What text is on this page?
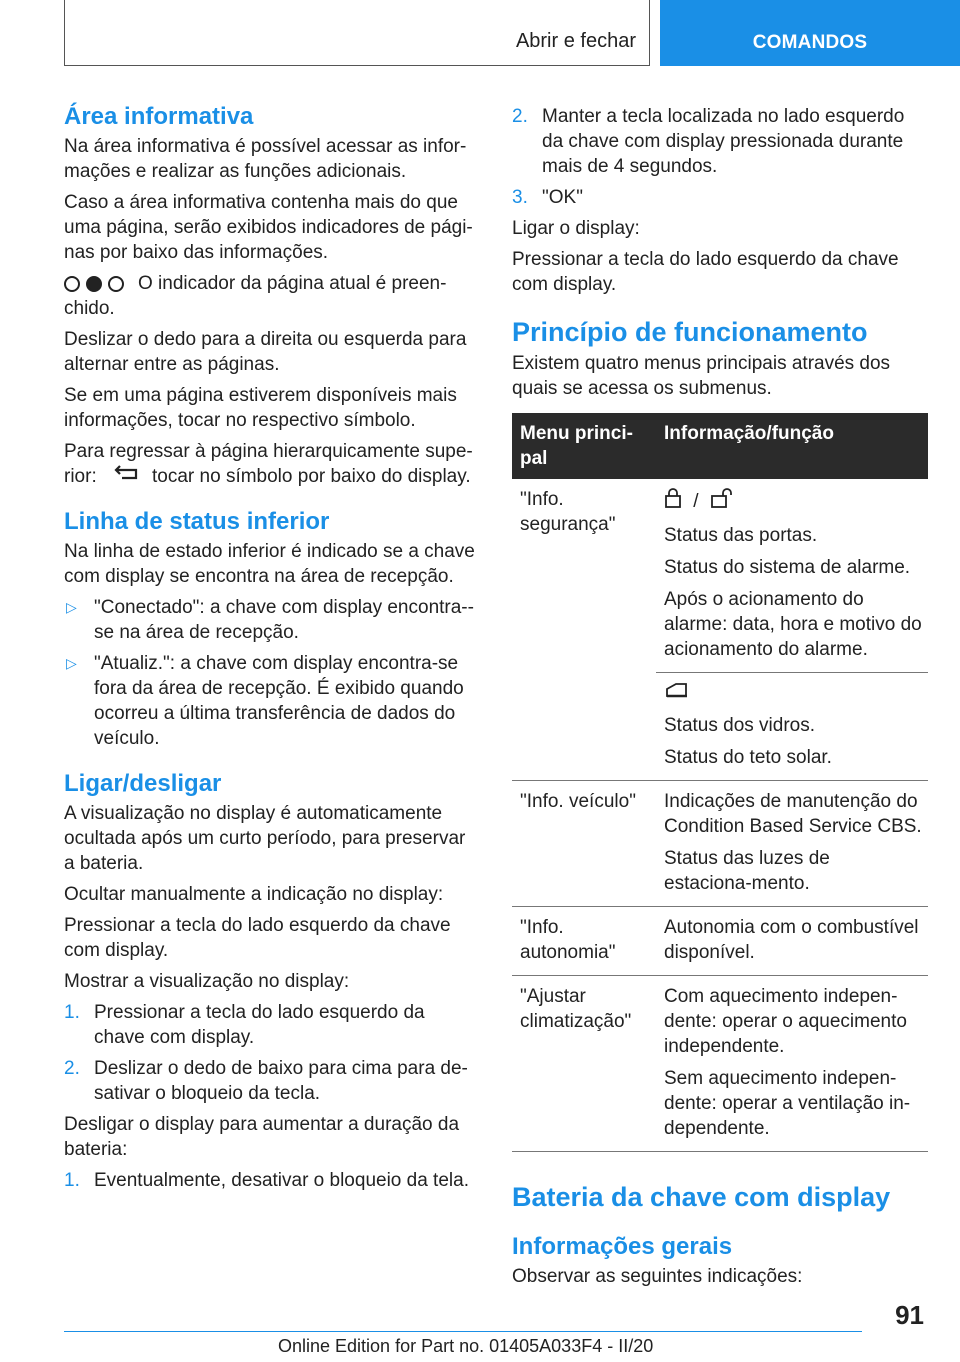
Abrir e fechar	COMANDOS
Área informativa

Na área informativa é possível acessar as infor-mações e realizar as funções adicionais.

Caso a área informativa contenha mais do que uma página, serão exibidos indicadores de pági-nas por baixo das informações.

O indicador da página atual é preen-chido.

Deslizar o dedo para a direita ou esquerda para alternar entre as páginas.

Se em uma página estiverem disponíveis mais informações, tocar no respectivo símbolo.

Para regressar à página hierarquicamente supe-rior:	tocar no símbolo por baixo do display.

Linha de status inferior

Na linha de estado inferior é indicado se a chave com display se encontra na área de recepção.

▷ "Conectado": a chave com display encontra--se na área de recepção.
▷ "Atualiz.": a chave com display encontra-se fora da área de recepção. É exibido quando ocorreu a última transferência de dados do veículo.
Ligar/desligar

A visualização no display é automaticamente ocultada após um curto período, para preservar a bateria.

Ocultar manualmente a indicação no display:

Pressionar a tecla do lado esquerdo da chave com display.

Mostrar a visualização no display:

1. Pressionar a tecla do lado esquerdo da chave com display.
2. Deslizar o dedo de baixo para cima para de-sativar o bloqueio da tecla.

Desligar o display para aumentar a duração da bateria:

1. Eventualmente, desativar o bloqueio da tela.
2. Manter a tecla localizada no lado esquerdo da chave com display pressionada durante mais de 4 segundos.
3. "OK"

Ligar o display:

Pressionar a tecla do lado esquerdo da chave com display.

Princípio de funcionamento

Existem quatro menus principais através dos quais se acessa os submenus.

Menu princi-pal	Informação/função
"Info. segurança"	/
Status das portas.
Status do sistema de alarme.
Após o acionamento do alarme: data, hora e motivo do acionamento do alarme.

	Status dos vidros.
Status do teto solar.

"Info. veículo"	Indicações de manutenção do Condition Based Service CBS.
Status das luzes de estaciona-mento.

"Info. autonomia"	Autonomia com o combustível disponível.

"Ajustar climatização"	Com aquecimento indepen-dente: operar o aquecimento independente.
Sem aquecimento indepen-dente: operar a ventilação in-dependente.
Bateria da chave com display
Informações gerais

Observar as seguintes indicações:

91
Online Edition for Part no. 01405A033F4 - II/20
